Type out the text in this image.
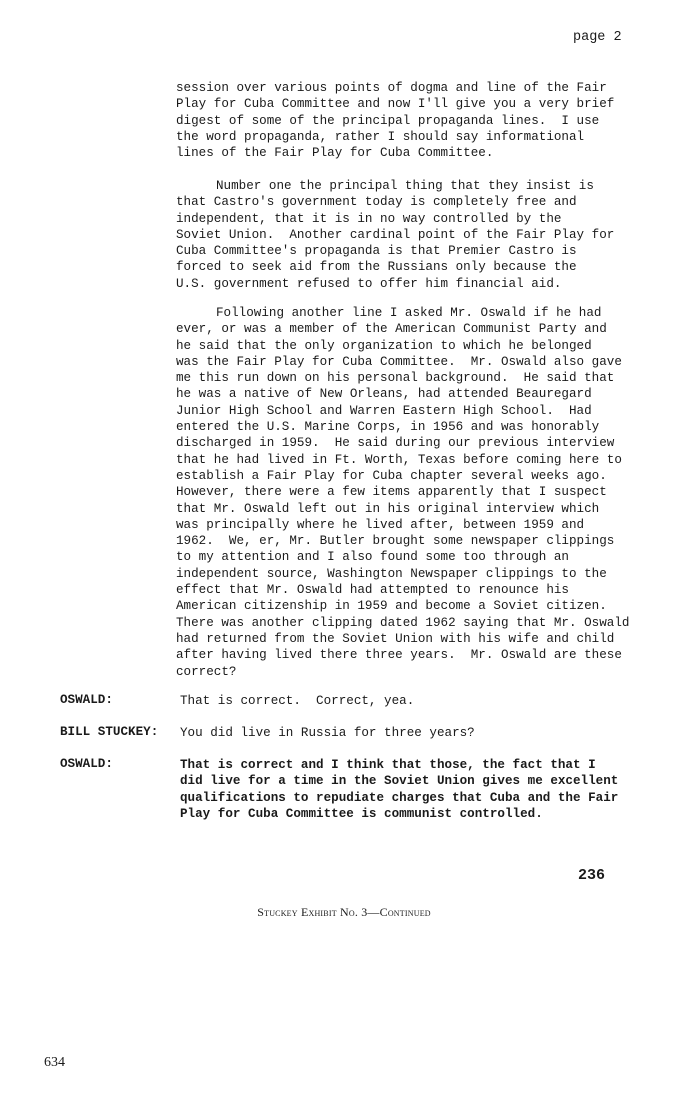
page 2
session over various points of dogma and line of the Fair
Play for Cuba Committee and now I'll give you a very brief
digest of some of the principal propaganda lines.  I use
the word propaganda, rather I should say informational
lines of the Fair Play for Cuba Committee.
Number one the principal thing that they insist is
that Castro's government today is completely free and
independent, that it is in no way controlled by the
Soviet Union.  Another cardinal point of the Fair Play for
Cuba Committee's propaganda is that Premier Castro is
forced to seek aid from the Russians only because the
U.S. government refused to offer him financial aid.
Following another line I asked Mr. Oswald if he had
ever, or was a member of the American Communist Party and
he said that the only organization to which he belonged
was the Fair Play for Cuba Committee.  Mr. Oswald also gave
me this run down on his personal background.  He said that
he was a native of New Orleans, had attended Beauregard
Junior High School and Warren Eastern High School.  Had
entered the U.S. Marine Corps, in 1956 and was honorably
discharged in 1959.  He said during our previous interview
that he had lived in Ft. Worth, Texas before coming here to
establish a Fair Play for Cuba chapter several weeks ago.
However, there were a few items apparently that I suspect
that Mr. Oswald left out in his original interview which
was principally where he lived after, between 1959 and
1962.  We, er, Mr. Butler brought some newspaper clippings
to my attention and I also found some too through an
independent source, Washington Newspaper clippings to the
effect that Mr. Oswald had attempted to renounce his
American citizenship in 1959 and become a Soviet citizen.
There was another clipping dated 1962 saying that Mr. Oswald
had returned from the Soviet Union with his wife and child
after having lived there three years.  Mr. Oswald are these
correct?
OSWALD:	That is correct.  Correct, yea.
BILL STUCKEY: You did live in Russia for three years?
OSWALD:	That is correct and I think that those, the fact that I
did live for a time in the Soviet Union gives me excellent
qualifications to repudiate charges that Cuba and the Fair
Play for Cuba Committee is communist controlled.
236
Stuckey Exhibit No. 3—Continued
634
